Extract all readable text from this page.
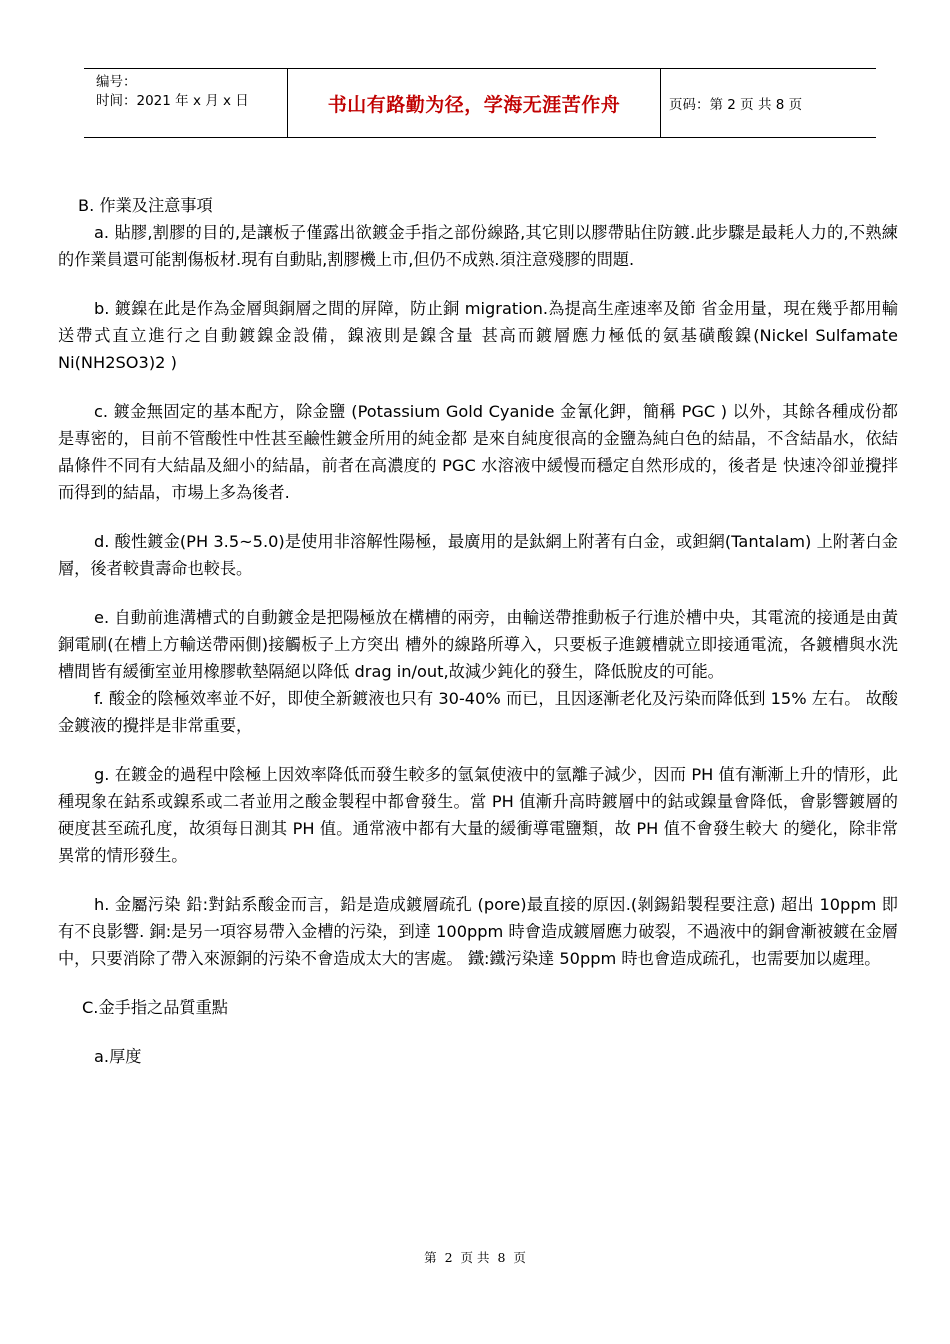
编号：
时间：2021 年 x 月 x 日	书山有路勤为径，学海无涯苦作舟	页码：第 2 页 共 8 页

B. 作業及注意事項

a. 貼膠,割膠的目的,是讓板子僅露出欲鍍金手指之部份線路,其它則以膠帶貼住防鍍.此步驟是最耗人力的,不熟練的作業員還可能割傷板材.現有自動貼,割膠機上市,但仍不成熟.須注意殘膠的問題.

b. 鍍鎳在此是作為金層與銅層之間的屏障，防止銅 migration.為提高生產速率及節 省金用量，現在幾乎都用輸送帶式直立進行之自動鍍鎳金設備，鎳液則是鎳含量 甚高而鍍層應力極低的氨基磺酸鎳(Nickel Sulfamate Ni(NH2SO3)2 )

c. 鍍金無固定的基本配方，除金鹽 (Potassium Gold Cyanide 金氰化鉀，簡稱 PGC ) 以外，其餘各種成份都是專密的，目前不管酸性中性甚至鹼性鍍金所用的純金都 是來自純度很高的金鹽為純白色的結晶，不含結晶水，依結晶條件不同有大結晶及細小的結晶，前者在高濃度的 PGC 水溶液中緩慢而穩定自然形成的，後者是 快速冷卻並攪拌而得到的結晶，市場上多為後者.

d. 酸性鍍金(PH 3.5~5.0)是使用非溶解性陽極，最廣用的是鈦網上附著有白金，或鉭網(Tantalam) 上附著白金層，後者較貴壽命也較長。

e. 自動前進溝槽式的自動鍍金是把陽極放在構槽的兩旁，由輸送帶推動板子行進於槽中央，其電流的接通是由黃銅電刷(在槽上方輸送帶兩側)接觸板子上方突出 槽外的線路所導入，只要板子進鍍槽就立即接通電流，各鍍槽與水洗槽間皆有緩衝室並用橡膠軟墊隔絕以降低 drag in/out,故減少鈍化的發生，降低脫皮的可能。

f. 酸金的陰極效率並不好，即使全新鍍液也只有 30-40% 而已，且因逐漸老化及污染而降低到 15% 左右。 故酸金鍍液的攪拌是非常重要，

g. 在鍍金的過程中陰極上因效率降低而發生較多的氫氣使液中的氫離子減少，因而 PH 值有漸漸上升的情形，此種現象在鈷系或鎳系或二者並用之酸金製程中都會發生。當 PH 值漸升高時鍍層中的鈷或鎳量會降低，會影響鍍層的硬度甚至疏孔度，故須每日測其 PH 值。通常液中都有大量的緩衝導電鹽類，故 PH 值不會發生較大 的變化，除非常異常的情形發生。

h. 金屬污染 鉛:對鈷系酸金而言，鉛是造成鍍層疏孔 (pore)最直接的原因.(剝錫鉛製程要注意) 超出 10ppm 即有不良影響. 銅:是另一項容易帶入金槽的污染，到達 100ppm 時會造成鍍層應力破裂，不過液中的銅會漸被鍍在金層中，只要消除了帶入來源銅的污染不會造成太大的害處。 鐵:鐵污染達 50ppm 時也會造成疏孔，也需要加以處理。

C.金手指之品質重點

a.厚度

第 2 页 共 8 页
